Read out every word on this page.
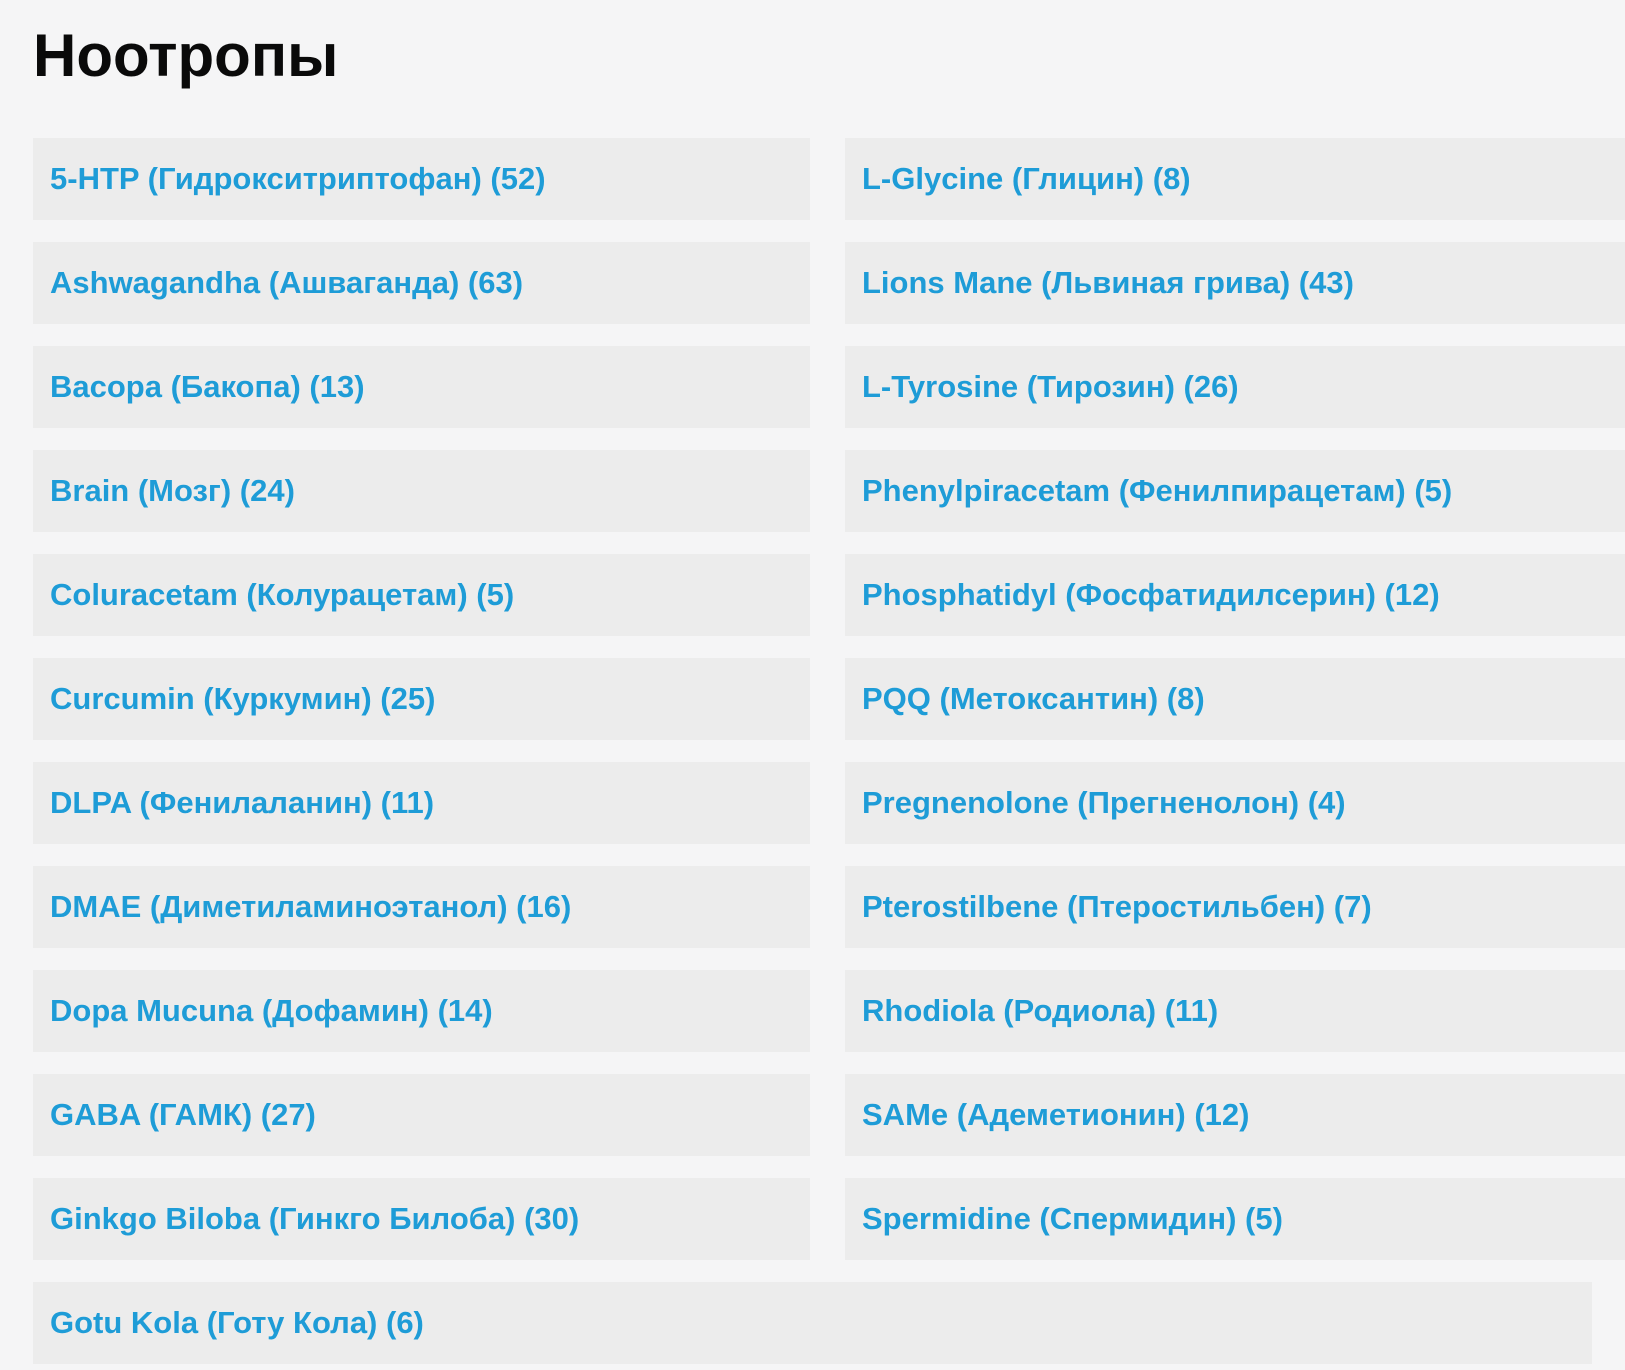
Ноотропы
5-HTP (Гидрокситриптофан) (52)
Ashwagandha (Ашваганда) (63)
Bacopa (Бакопа) (13)
Brain (Мозг) (24)
Coluracetam (Колурацетам) (5)
Curcumin (Куркумин) (25)
DLPA (Фенилаланин) (11)
DMAE (Диметиламиноэтанол) (16)
Dopa Mucuna (Дофамин) (14)
GABA (ГАМК) (27)
Ginkgo Biloba (Гинкго Билоба) (30)
L-Glycine (Глицин) (8)
Lions Mane (Львиная грива) (43)
L-Tyrosine (Тирозин) (26)
Phenylpiracetam (Фенилпирацетам) (5)
Phosphatidyl (Фосфатидилсерин) (12)
PQQ (Метоксантин) (8)
Pregnenolone (Прегненолон) (4)
Pterostilbene (Птеростильбен) (7)
Rhodiola (Родиола) (11)
SAMe (Адеметионин) (12)
Spermidine (Спермидин) (5)
Gotu Kola (Готу Кола) (6)
